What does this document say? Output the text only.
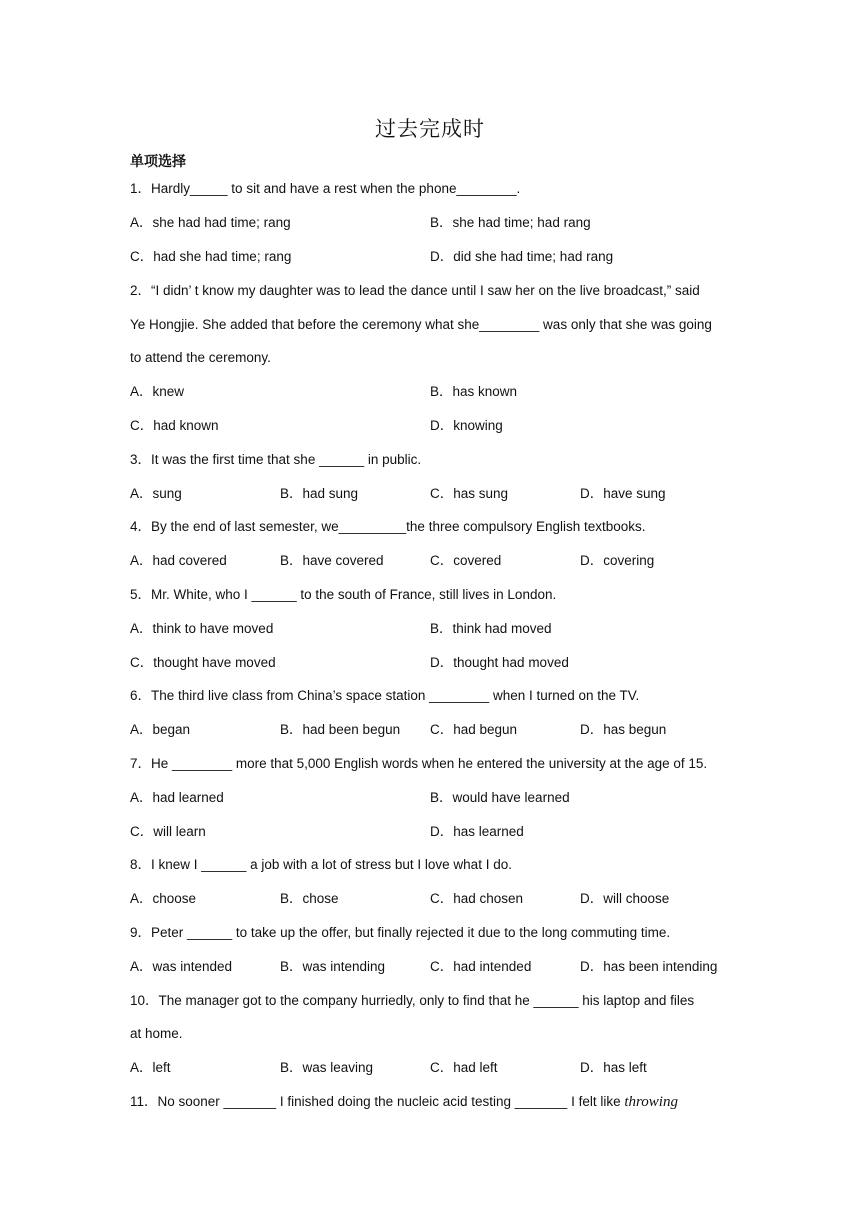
过去完成时
单项选择
1．Hardly_____ to sit and have a rest when the phone________.
A．she had had time; rang	B．she had time; had rang
C．had she had time; rang	D．did she had time; had rang
2．“I didn’ t know my daughter was to lead the dance until I saw her on the live broadcast,” said
Ye Hongjie. She added that before the ceremony what she________ was only that she was going
to attend the ceremony.
A．knew	B．has known
C．had known	D．knowing
3．It was the first time that she ______ in public.
A．sung	B．had sung	C．has sung	D．have sung
4．By the end of last semester, we_________the three compulsory English textbooks.
A．had covered	B．have covered	C．covered	D．covering
5．Mr. White, who I ______ to the south of France, still lives in London.
A．think to have moved	B．think had moved
C．thought have moved	D．thought had moved
6．The third live class from China’s space station ________ when I turned on the TV.
A．began	B．had been begun C．had begun	D．has begun
7．He ________ more that 5,000 English words when he entered the university at the age of 15.
A．had learned	B．would have learned
C．will learn	D．has learned
8．I knew I ______ a job with a lot of stress but I love what I do.
A．choose	B．chose	C．had chosen	D．will choose
9．Peter ______ to take up the offer, but finally rejected it due to the long commuting time.
A．was intended	B．was intending	C．had intended	D．has been intending
10．The manager got to the company hurriedly, only to find that he ______ his laptop and files
at home.
A．left	B．was leaving	C．had left	D．has left
11．No sooner _______ I finished doing the nucleic acid testing _______ I felt like throwing
